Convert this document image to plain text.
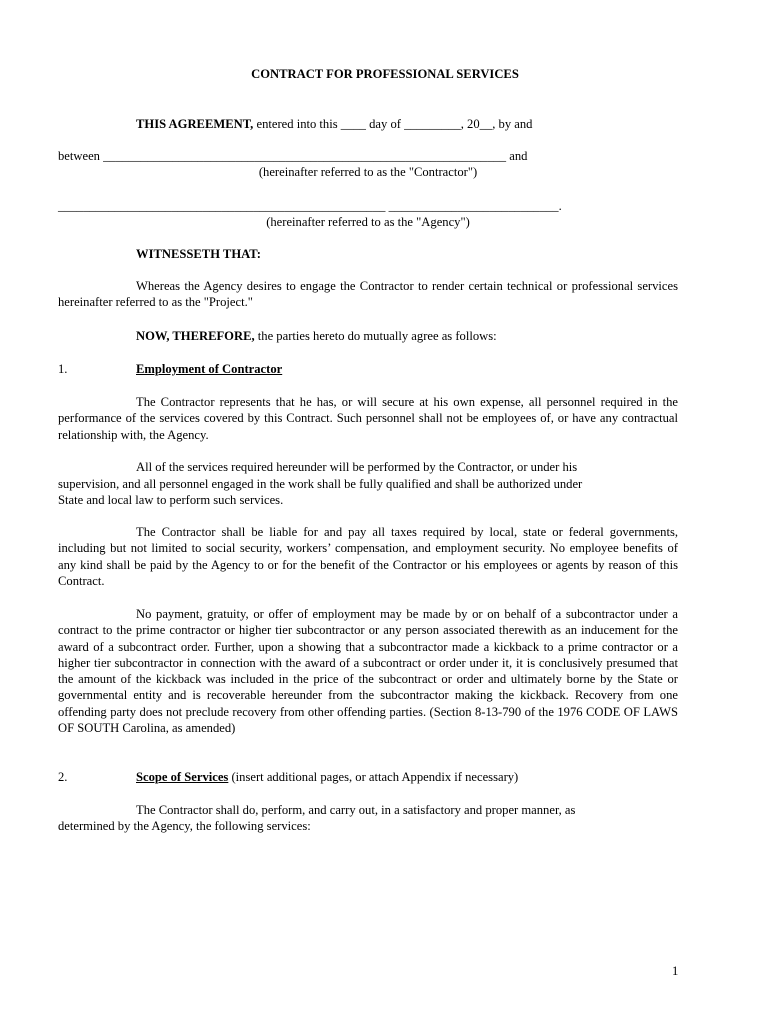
CONTRACT FOR PROFESSIONAL SERVICES
THIS AGREEMENT, entered into this ____ day of _________, 20__, by and
between ________________________________________________________________ and
(hereinafter referred to as the "Contractor")
____________________________________________________ ___________________________.
(hereinafter referred to as the "Agency")
WITNESSETH THAT:
Whereas the Agency desires to engage the Contractor to render certain technical or professional services hereinafter referred to as the "Project."
NOW, THEREFORE, the parties hereto do mutually agree as follows:
1.	Employment of Contractor
The Contractor represents that he has, or will secure at his own expense, all personnel required in the performance of the services covered by this Contract. Such personnel shall not be employees of, or have any contractual relationship with, the Agency.
All of the services required hereunder will be performed by the Contractor, or under his
supervision, and all personnel engaged in the work shall be fully qualified and shall be authorized under
State and local law to perform such services.
The Contractor shall be liable for and pay all taxes required by local, state or federal governments, including but not limited to social security, workers’ compensation, and employment security. No employee benefits of any kind shall be paid by the Agency to or for the benefit of the Contractor or his employees or agents by reason of this Contract.
No payment, gratuity, or offer of employment may be made by or on behalf of a subcontractor under a contract to the prime contractor or higher tier subcontractor or any person associated therewith as an inducement for the award of a subcontract order. Further, upon a showing that a subcontractor made a kickback to a prime contractor or a higher tier subcontractor in connection with the award of a subcontract or order under it, it is conclusively presumed that the amount of the kickback was included in the price of the subcontract or order and ultimately borne by the State or governmental entity and is recoverable hereunder from the subcontractor making the kickback. Recovery from one offending party does not preclude recovery from other offending parties. (Section 8-13-790 of the 1976 CODE OF LAWS OF SOUTH Carolina, as amended)
2.	Scope of Services (insert additional pages, or attach Appendix if necessary)
The Contractor shall do, perform, and carry out, in a satisfactory and proper manner, as
determined by the Agency, the following services:
1
